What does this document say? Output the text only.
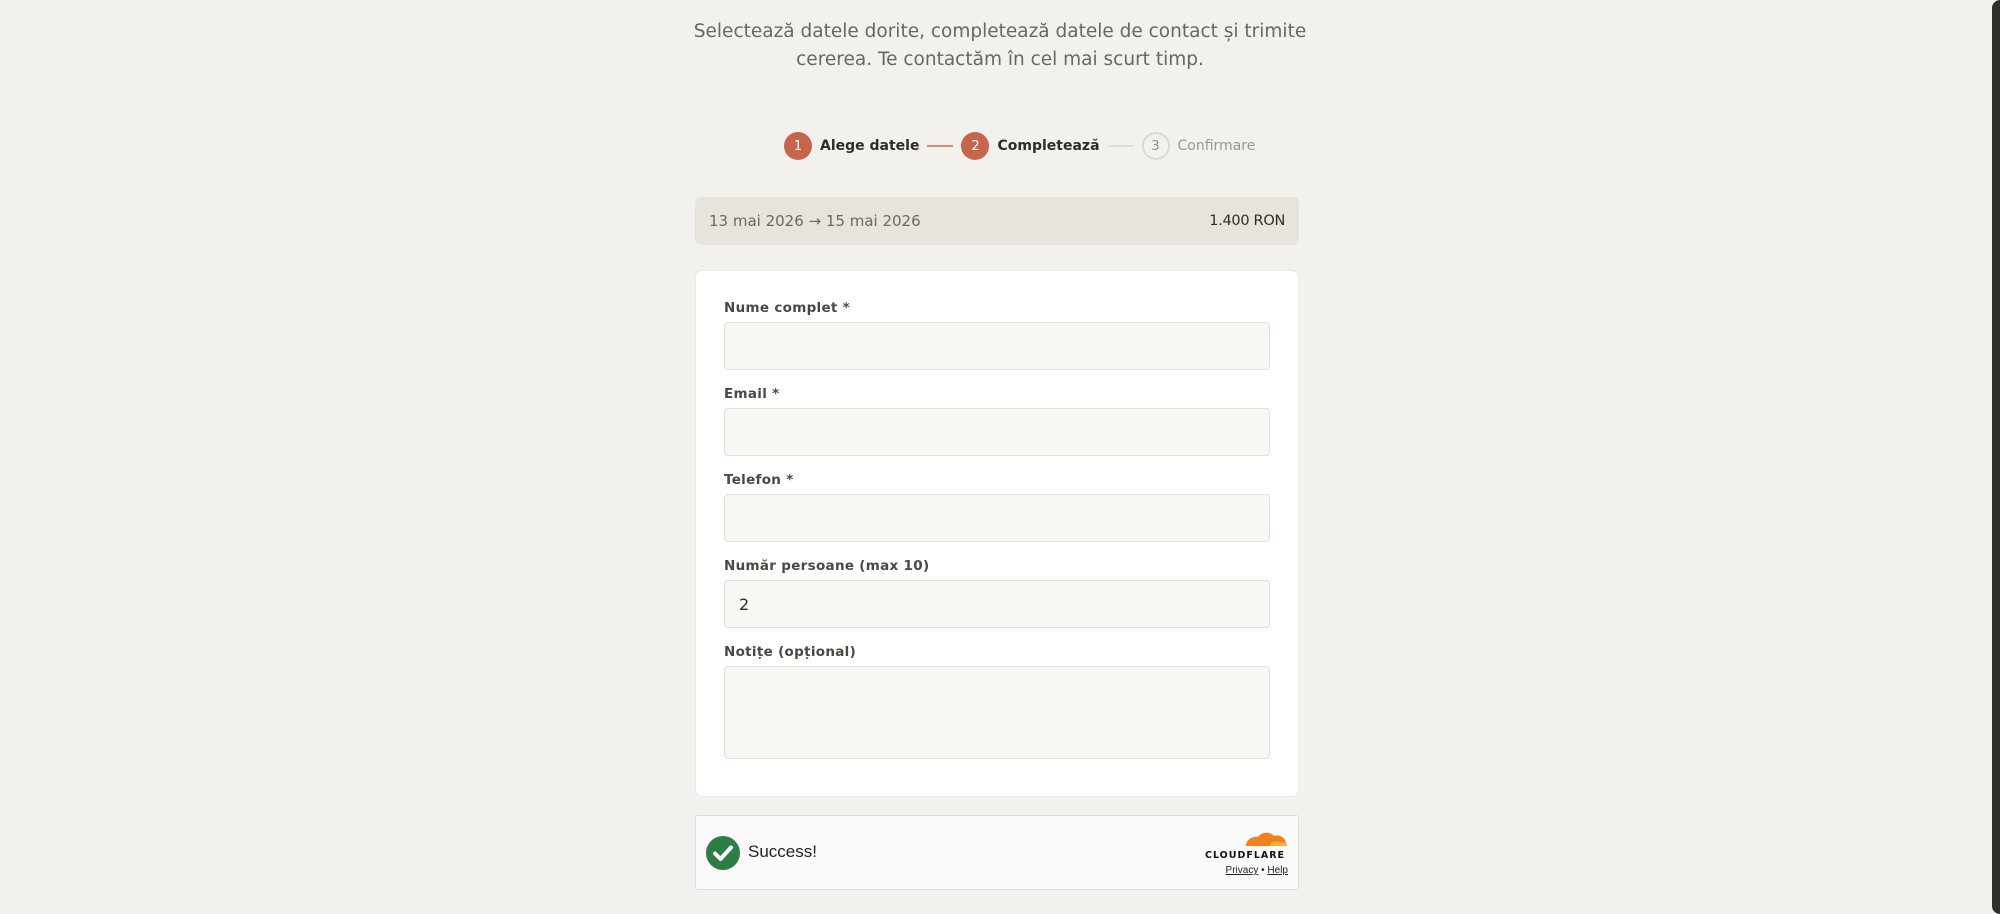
Selectează datele dorite, completează datele de contact și trimite
cererea. Te contactăm în cel mai scurt timp.
1	Alege datele	2	Completează	3	Confirmare
13 mai 2026 → 15 mai 2026	1.400 RON
Nume complet *
Email *
Telefon *
Număr persoane (max 10)
2
Notițe (opțional)
Success!	CLOUDFLARE
Privacy • Help
